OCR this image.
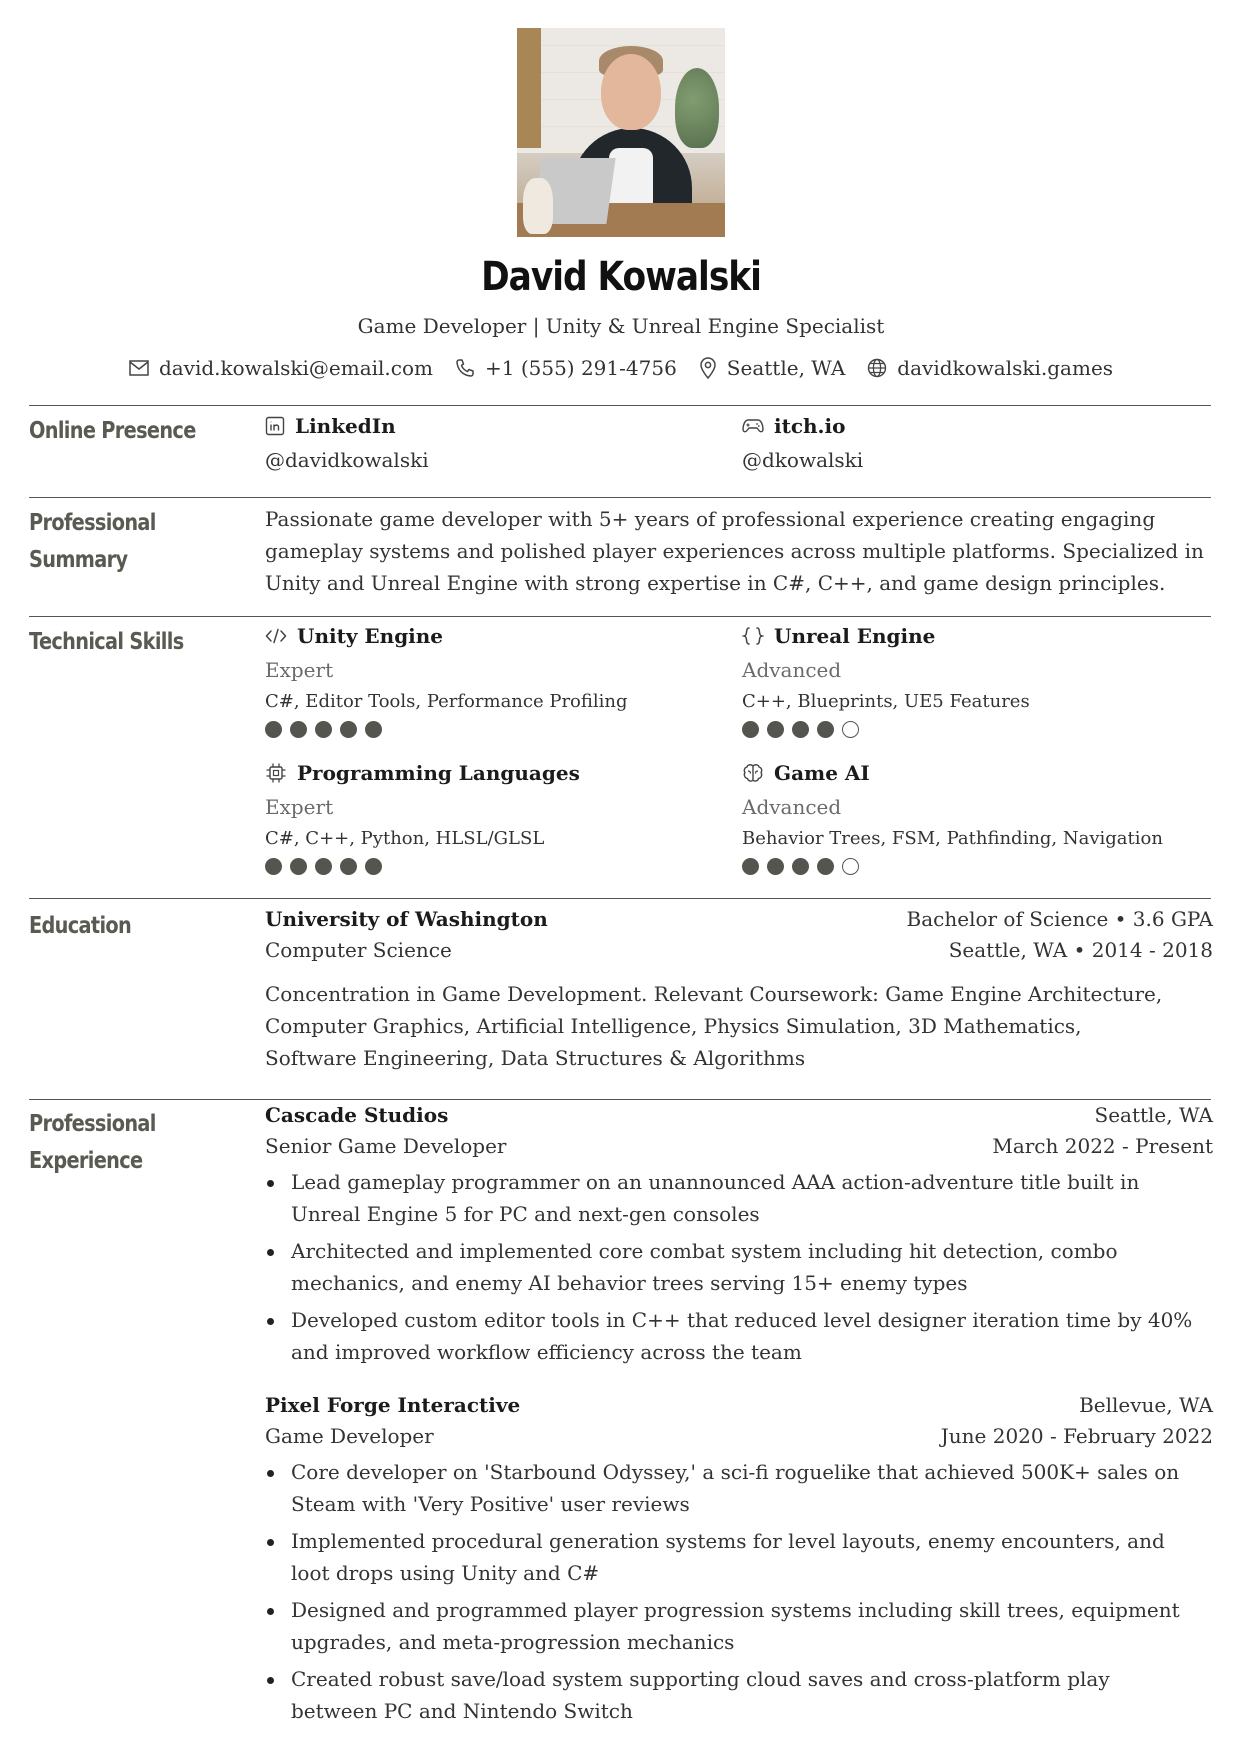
David Kowalski
Game Developer | Unity & Unreal Engine Specialist
david.kowalski@email.com	+1 (555) 291-4756	Seattle, WA	davidkowalski.games
Online Presence	LinkedIn
@davidkowalski
itch.io
@dkowalski
Professional Summary
Passionate game developer with 5+ years of professional experience creating engaging gameplay systems and polished player experiences across multiple platforms. Specialized in Unity and Unreal Engine with strong expertise in C#, C++, and game design principles.
Technical Skills	Unity Engine
Expert
C#, Editor Tools, Performance Profiling
Unreal Engine
Advanced
C++, Blueprints, UE5 Features
Programming Languages
Expert
C#, C++, Python, HLSL/GLSL
Game AI
Advanced
Behavior Trees, FSM, Pathfinding, Navigation
Education	University of Washington	Bachelor of Science • 3.6 GPA
Computer Science	Seattle, WA • 2014 - 2018
Concentration in Game Development. Relevant Coursework: Game Engine Architecture, Computer Graphics, Artificial Intelligence, Physics Simulation, 3D Mathematics, Software Engineering, Data Structures & Algorithms
Professional
Experience
Cascade Studios	Seattle, WA
Senior Game Developer	March 2022 - Present
Lead gameplay programmer on an unannounced AAA action-adventure title built in Unreal Engine 5 for PC and next-gen consoles
Architected and implemented core combat system including hit detection, combo mechanics, and enemy AI behavior trees serving 15+ enemy types
Developed custom editor tools in C++ that reduced level designer iteration time by 40% and improved workflow efficiency across the team
Pixel Forge Interactive	Bellevue, WA
Game Developer	June 2020 - February 2022
Core developer on 'Starbound Odyssey,' a sci-fi roguelike that achieved 500K+ sales on Steam with 'Very Positive' user reviews
Implemented procedural generation systems for level layouts, enemy encounters, and loot drops using Unity and C#
Designed and programmed player progression systems including skill trees, equipment upgrades, and meta-progression mechanics
Created robust save/load system supporting cloud saves and cross-platform play between PC and Nintendo Switch
